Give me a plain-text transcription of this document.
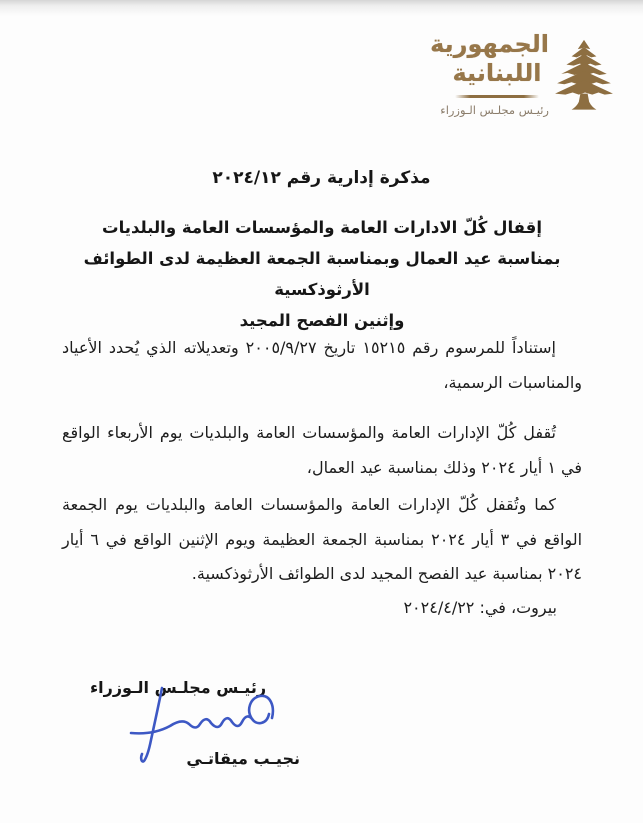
الجمهورية
اللبنانية
رئيـس مجلـس الـوزراء
مذكرة إدارية رقم ٢٠٢٤/١٢
إقفال كُلّ الادارات العامة والمؤسسات العامة والبلديات
بمناسبة عيد العمال وبمناسبة الجمعة العظيمة لدى الطوائف الأرثوذكسية
وإثنين الفصح المجيد
إستناداً للمرسوم رقم ١٥٢١٥ تاريخ ٢٠٠٥/٩/٢٧ وتعديلاته الذي يُحدد الأعياد والمناسبات الرسمية،
تُقفل كُلّ الإدارات العامة والمؤسسات العامة والبلديات يوم الأربعاء الواقع في ١ أيار ٢٠٢٤ وذلك بمناسبة عيد العمال،
كما وتُقفل كُلّ الإدارات العامة والمؤسسات العامة والبلديات يوم الجمعة الواقع في ٣ أيار ٢٠٢٤ بمناسبة الجمعة العظيمة ويوم الإثنين الواقع في ٦ أيار ٢٠٢٤ بمناسبة عيد الفصح المجيد لدى الطوائف الأرثوذكسية.
بيروت، في: ٢٠٢٤/٤/٢٢
رئيـس مجلـس الـوزراء
نجيـب ميقاتـي
